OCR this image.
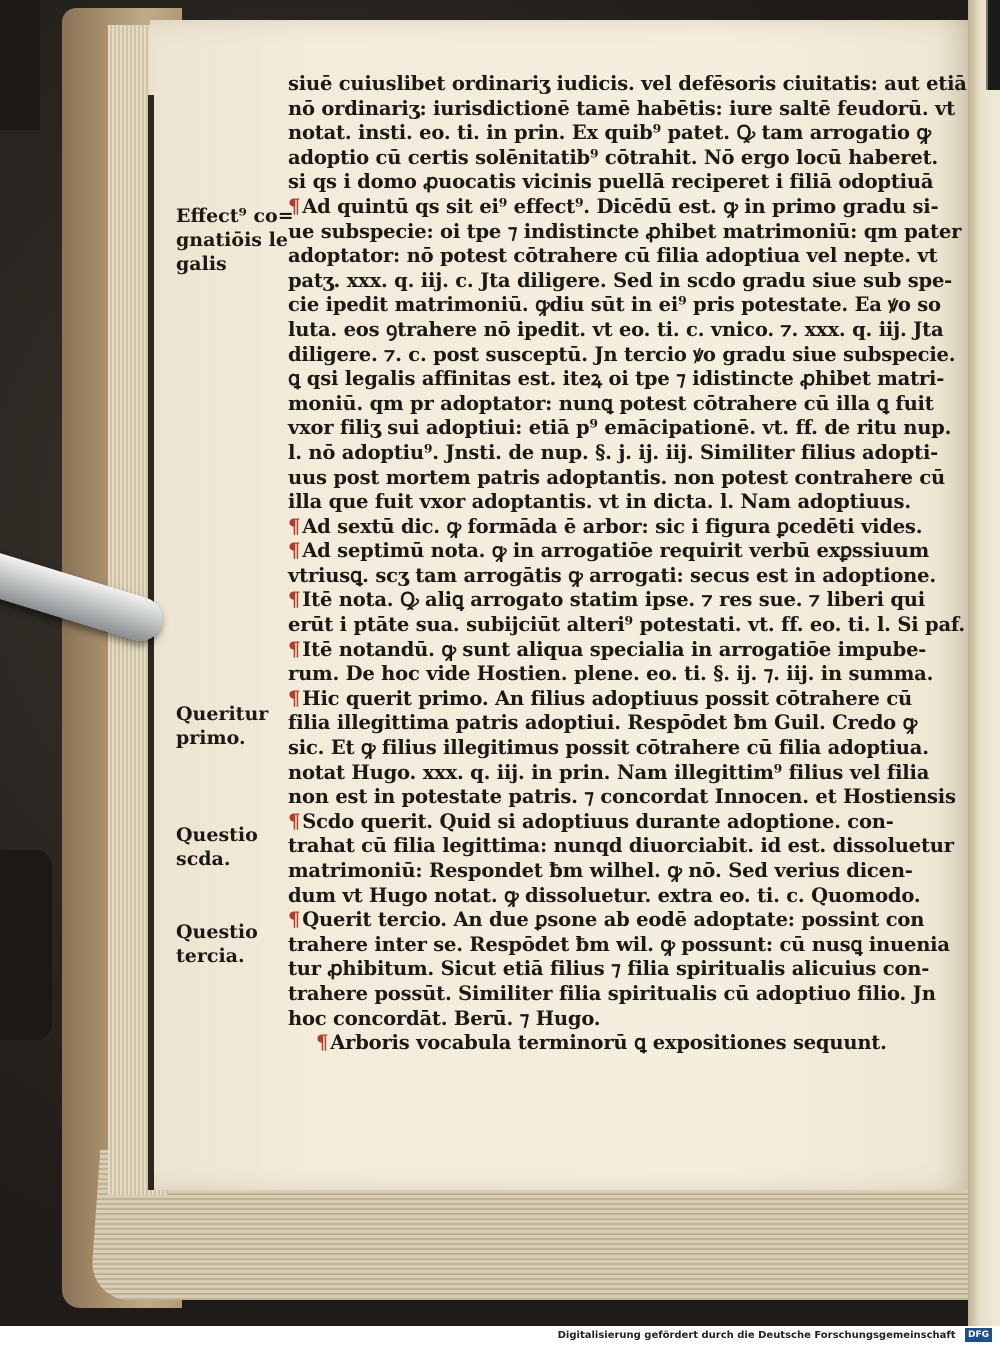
Effect⁹ co=
gnatiōis le
galis
Queritur
primo.
Questio
scda.
Questio
tercia.
siuē cuiuslibet ordinariʒ iudicis. vel defēsoris ciuitatis: aut etiā
nō ordinariʒ: iurisdictionē tamē habētis: iure saltē feudorū. vt
notat. insti. eo. ti. in prin. Ex quib⁹ patet. Ꝙ tam arrogatio ꝙ
adoptio cū certis solēnitatib⁹ cōtrahit. Nō ergo locū haberet.
si qs i domo ꝓuocatis vicinis puellā reciperet i filiā odoptiuā
¶ Ad quintū qs sit ei⁹ effect⁹. Dicēdū est. ꝙ in primo gradu si-
ue subspecie: oi tpe ⁊ indistincte ꝓhibet matrimoniū: qm pater
adoptator: nō potest cōtrahere cū filia adoptiua vel nepte. vt
patʒ. xxx. q. iij. c. Jta diligere. Sed in scdo gradu siue sub spe-
cie ipedit matrimoniū. ꝙdiu sūt in ei⁹ pris potestate. Ea ꝟo so
luta. eos ꝯtrahere nō ipedit. vt eo. ti. c. vnico. ⁊. xxx. q. iij. Jta
diligere. ⁊. c. post susceptū. Jn tercio ꝟo gradu siue subspecie.
ꝗ qsi legalis affinitas est. iteꝝ oi tpe ⁊ idistincte ꝓhibet matri-
moniū. qm pr adoptator: nunꝗ potest cōtrahere cū illa ꝗ fuit
vxor filiʒ sui adoptiui: etiā p⁹ emācipationē. vt. ff. de ritu nup.
l. nō adoptiu⁹. Jnsti. de nup. §. j. ij. iij. Similiter filius adopti-
uus post mortem patris adoptantis. non potest contrahere cū
illa que fuit vxor adoptantis. vt in dicta. l. Nam adoptiuus.
¶ Ad sextū dic. ꝙ formāda ē arbor: sic i figura ꝑcedēti vides.
¶ Ad septimū nota. ꝙ in arrogatiōe requirit verbū exꝑssiuum
vtriusꝗ. scʒ tam arrogātis ꝙ arrogati: secus est in adoptione.
¶ Itē nota. Ꝙ aliꝗ arrogato statim ipse. ⁊ res sue. ⁊ liberi qui
erūt i ptāte sua. subijciūt alteri⁹ potestati. vt. ff. eo. ti. l. Si paf.
¶ Itē notandū. ꝙ sunt aliqua specialia in arrogatiōe impube-
rum. De hoc vide Hostien. plene. eo. ti. §. ij. ⁊. iij. in summa.
¶ Hic querit primo. An filius adoptiuus possit cōtrahere cū
filia illegittima patris adoptiui. Respōdet ƀm Guil. Credo ꝙ
sic. Et ꝙ filius illegitimus possit cōtrahere cū filia adoptiua.
notat Hugo. xxx. q. iij. in prin. Nam illegittim⁹ filius vel filia
non est in potestate patris. ⁊ concordat Innocen. et Hostiensis
¶ Scdo querit. Quid si adoptiuus durante adoptione. con-
trahat cū filia legittima: nunqd diuorciabit. id est. dissoluetur
matrimoniū: Respondet ƀm wilhel. ꝙ nō. Sed verius dicen-
dum vt Hugo notat. ꝙ dissoluetur. extra eo. ti. c. Quomodo.
¶ Querit tercio. An due ꝑsone ab eodē adoptate: possint con
trahere inter se. Respōdet ƀm wil. ꝙ possunt: cū nusꝗ inuenia
tur ꝓhibitum. Sicut etiā filius ⁊ filia spiritualis alicuius con-
trahere possūt. Similiter filia spiritualis cū adoptiuo filio. Jn
hoc concordāt. Berū. ⁊ Hugo.
¶ Arboris vocabula terminorū ꝗ expositiones sequunt.
Digitalisierung gefördert durch die Deutsche Forschungsgemeinschaft DFG
